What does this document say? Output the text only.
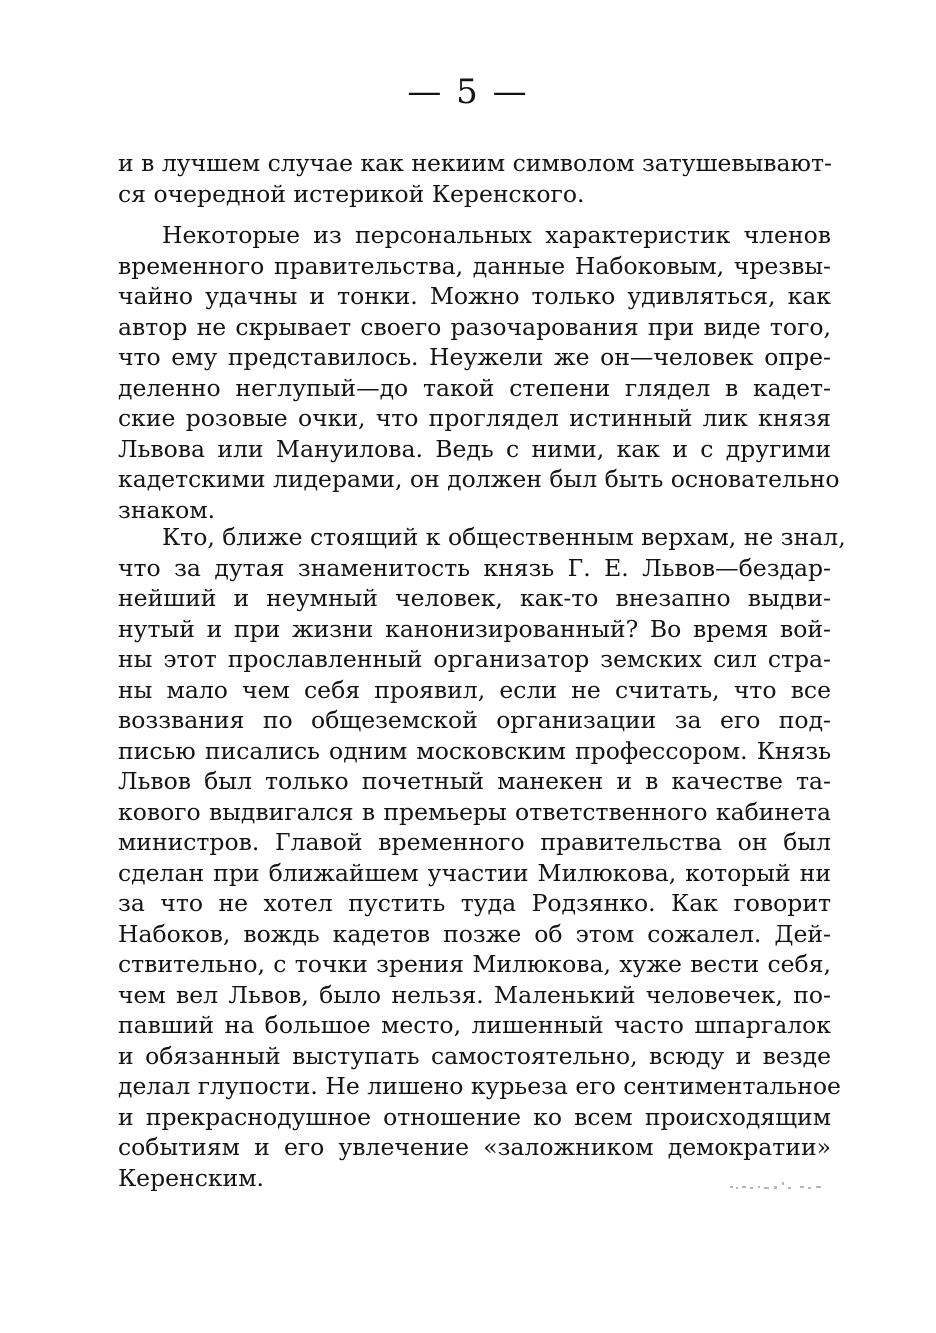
— 5 —
и в лучшем случае как некиим символом затушевывают-
ся очередной истерикой Керенского.
Некоторые из персональных характеристик членов
временного правительства, данные Набоковым, чрезвы-
чайно удачны и тонки. Можно только удивляться, как
автор не скрывает своего разочарования при виде того,
что ему представилось. Неужели же он—человек опре-
деленно неглупый—до такой степени глядел в кадет-
ские розовые очки, что проглядел истинный лик князя
Львова или Мануилова. Ведь с ними, как и с другими
кадетскими лидерами, он должен был быть основательно
знаком.
Кто, ближе стоящий к общественным верхам, не знал,
что за дутая знаменитость князь Г. Е. Львов—бездар-
нейший и неумный человек, как-то внезапно выдви-
нутый и при жизни канонизированный? Во время вой-
ны этот прославленный организатор земских сил стра-
ны мало чем себя проявил, если не считать, что все
воззвания по общеземской организации за его под-
писью писались одним московским профессором. Князь
Львов был только почетный манекен и в качестве та-
кового выдвигался в премьеры ответственного кабинета
министров. Главой временного правительства он был
сделан при ближайшем участии Милюкова, который ни
за что не хотел пустить туда Родзянко. Как говорит
Набоков, вождь кадетов позже об этом сожалел. Дей-
ствительно, с точки зрения Милюкова, хуже вести себя,
чем вел Львов, было нельзя. Маленький человечек, по-
павший на большое место, лишенный часто шпаргалок
и обязанный выступать самостоятельно, всюду и везде
делал глупости. Не лишено курьеза его сентиментальное
и прекраснодушное отношение ко всем происходящим
событиям и его увлечение «заложником демократии»
Керенским.
